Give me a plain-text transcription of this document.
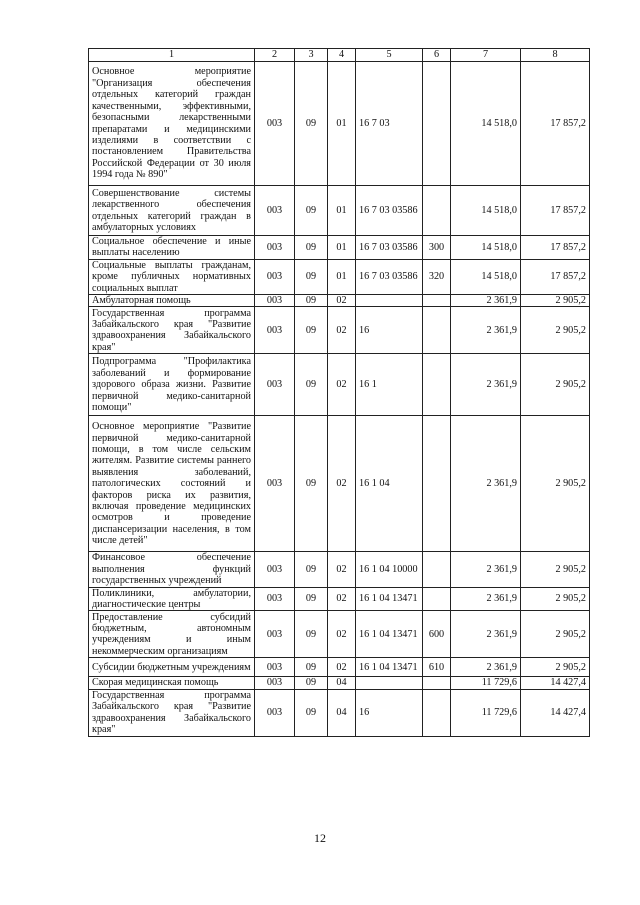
1	2	3	4	5	6	7	8
Основное мероприятие "Организация обеспечения отдельных категорий граждан качественными, эффективными, безопасными лекарственными препаратами и медицинскими изделиями в соответствии с постановлением Правительства Российской Федерации от 30 июля 1994 года № 890"	003	09	01	16 7 03		14 518,0	17 857,2
Совершенствование системы лекарственного обеспечения отдельных категорий граждан в амбулаторных условиях	003	09	01	16 7 03 03586		14 518,0	17 857,2
Социальное обеспечение и иные выплаты населению	003	09	01	16 7 03 03586	300	14 518,0	17 857,2
Социальные выплаты гражданам, кроме публичных нормативных социальных выплат	003	09	01	16 7 03 03586	320	14 518,0	17 857,2
Амбулаторная помощь	003	09	02			2 361,9	2 905,2
Государственная программа Забайкальского края "Развитие здравоохранения Забайкальского края"	003	09	02	16		2 361,9	2 905,2
Подпрограмма "Профилактика заболеваний и формирование здорового образа жизни. Развитие первичной медико-санитарной помощи"	003	09	02	16 1		2 361,9	2 905,2
Основное мероприятие "Развитие первичной медико-санитарной помощи, в том числе сельским жителям. Развитие системы раннего выявления заболеваний, патологических состояний и факторов риска их развития, включая проведение медицинских осмотров и проведение диспансеризации населения, в том числе детей"	003	09	02	16 1 04		2 361,9	2 905,2
Финансовое обеспечение выполнения функций государственных учреждений	003	09	02	16 1 04 10000		2 361,9	2 905,2
Поликлиники, амбулатории, диагностические центры	003	09	02	16 1 04 13471		2 361,9	2 905,2
Предоставление субсидий бюджетным, автономным учреждениям и иным некоммерческим организациям	003	09	02	16 1 04 13471	600	2 361,9	2 905,2
Субсидии бюджетным учреждениям	003	09	02	16 1 04 13471	610	2 361,9	2 905,2
Скорая медицинская помощь	003	09	04			11 729,6	14 427,4
Государственная программа Забайкальского края "Развитие здравоохранения Забайкальского края"	003	09	04	16		11 729,6	14 427,4
12
